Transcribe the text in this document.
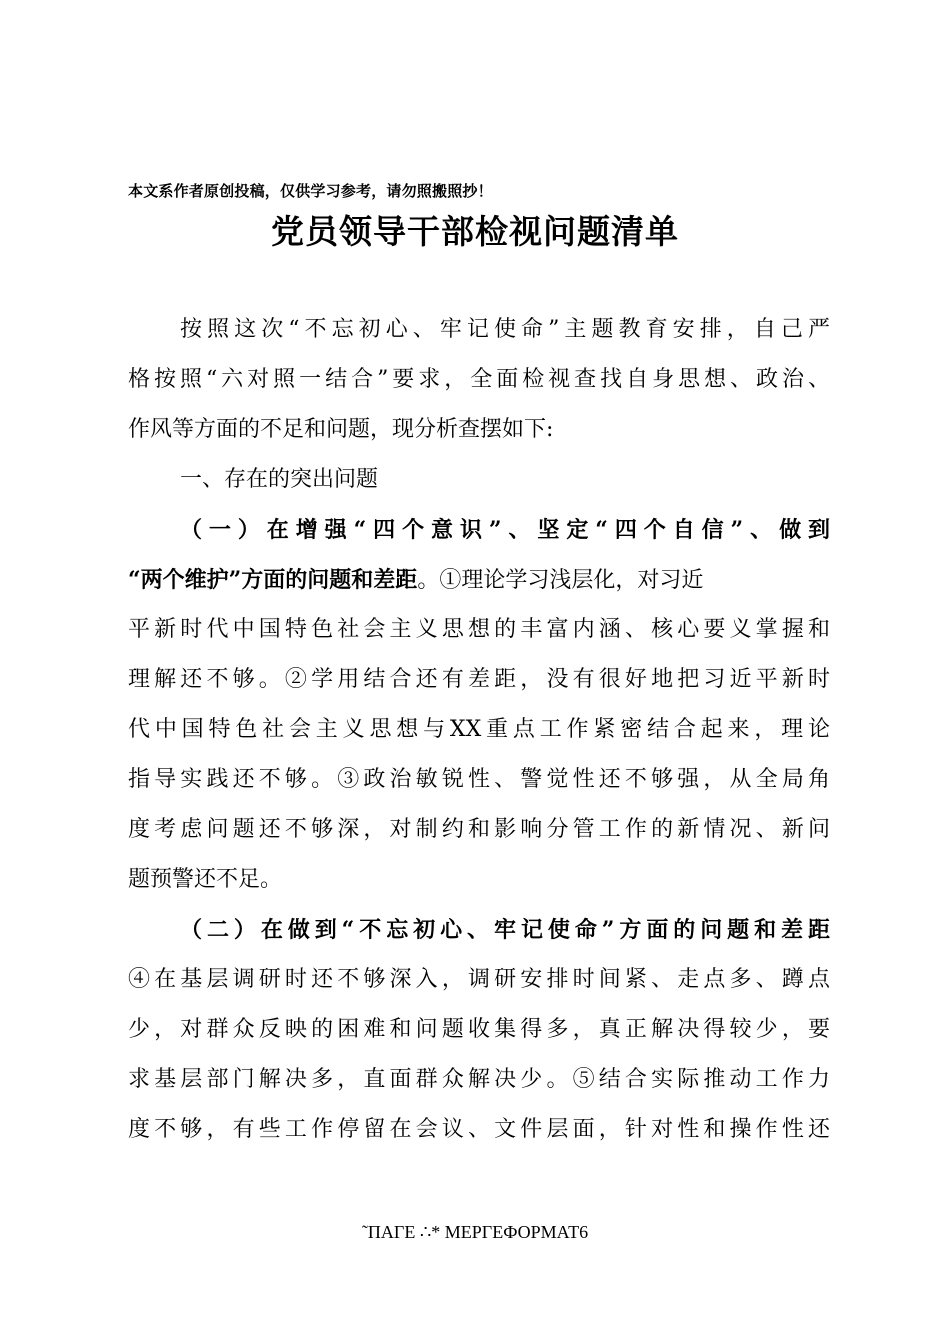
本文系作者原创投稿，仅供学习参考，请勿照搬照抄！
党员领导干部检视问题清单
按照这次“不忘初心、牢记使命”主题教育安排，自己严
格按照“六对照一结合”要求，全面检视查找自身思想、政治、
作风等方面的不足和问题，现分析查摆如下:
一、存在的突出问题
（一）在增强“四个意识”、坚定“四个自信”、做到
“两个维护”方面的问题和差距。①理论学习浅层化，对习近
平新时代中国特色社会主义思想的丰富内涵、核心要义掌握和
理解还不够。②学用结合还有差距，没有很好地把习近平新时
代中国特色社会主义思想与XX重点工作紧密结合起来，理论
指导实践还不够。③政治敏锐性、警觉性还不够强，从全局角
度考虑问题还不够深，对制约和影响分管工作的新情况、新问
题预警还不足。
（二）在做到“不忘初心、牢记使命”方面的问题和差距
④在基层调研时还不够深入，调研安排时间紧、走点多、蹲点
少，对群众反映的困难和问题收集得多，真正解决得较少，要
求基层部门解决多，直面群众解决少。⑤结合实际推动工作力
度不够，有些工作停留在会议、文件层面，针对性和操作性还
˜ПАГЕ ∴* МЕРГЕФОРМАТ6
